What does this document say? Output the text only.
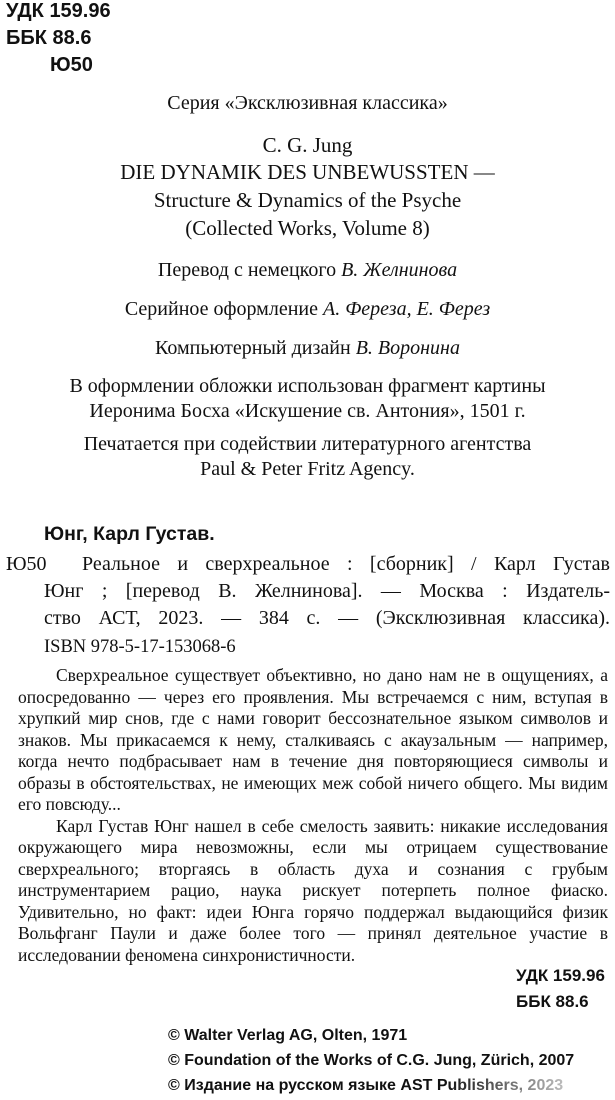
УДК 159.96
ББК 88.6
Ю50
Серия «Эксклюзивная классика»
C. G. Jung
DIE DYNAMIK DES UNBEWUSSTEN —
Structure & Dynamics of the Psyche
(Collected Works, Volume 8)
Перевод с немецкого В. Желнинова
Серийное оформление А. Фереза, Е. Ферез
Компьютерный дизайн В. Воронина
В оформлении обложки использован фрагмент картины
Иеронима Босха «Искушение св. Антония», 1501 г.
Печатается при содействии литературного агентства
Paul & Peter Fritz Agency.
Юнг, Карл Густав.
Ю50 Реальное и сверхреальное : [сборник] / Карл Густав
Юнг ; [перевод В. Желнинова]. — Москва : Издатель-
ство АСТ, 2023. — 384 с. — (Эксклюзивная классика).
ISBN 978-5-17-153068-6

Сверхреальное существует объективно, но дано нам не в ощущениях, а опосредованно — через его проявления. Мы встречаемся с ним, вступая в хрупкий мир снов, где с нами говорит бессознательное языком символов и знаков. Мы прикасаемся к нему, сталкиваясь с акаузальным — например, когда нечто подбрасывает нам в течение дня повторяющиеся символы и образы в обстоятельствах, не имеющих меж собой ничего общего. Мы видим его повсюду...

Карл Густав Юнг нашел в себе смелость заявить: никакие исследования окружающего мира невозможны, если мы отрицаем существование сверхреального; вторгаясь в область духа и сознания с грубым инструментарием рацио, наука рискует потерпеть полное фиаско. Удивительно, но факт: идеи Юнга горячо поддержал выдающийся физик Вольфганг Паули и даже более того — принял деятельное участие в исследовании феномена синхронистичности.

УДК 159.96
ББК 88.6
© Walter Verlag AG, Olten, 1971
© Foundation of the Works of C.G. Jung, Zürich, 2007
© Издание на русском языке AST Publishers, 2023
